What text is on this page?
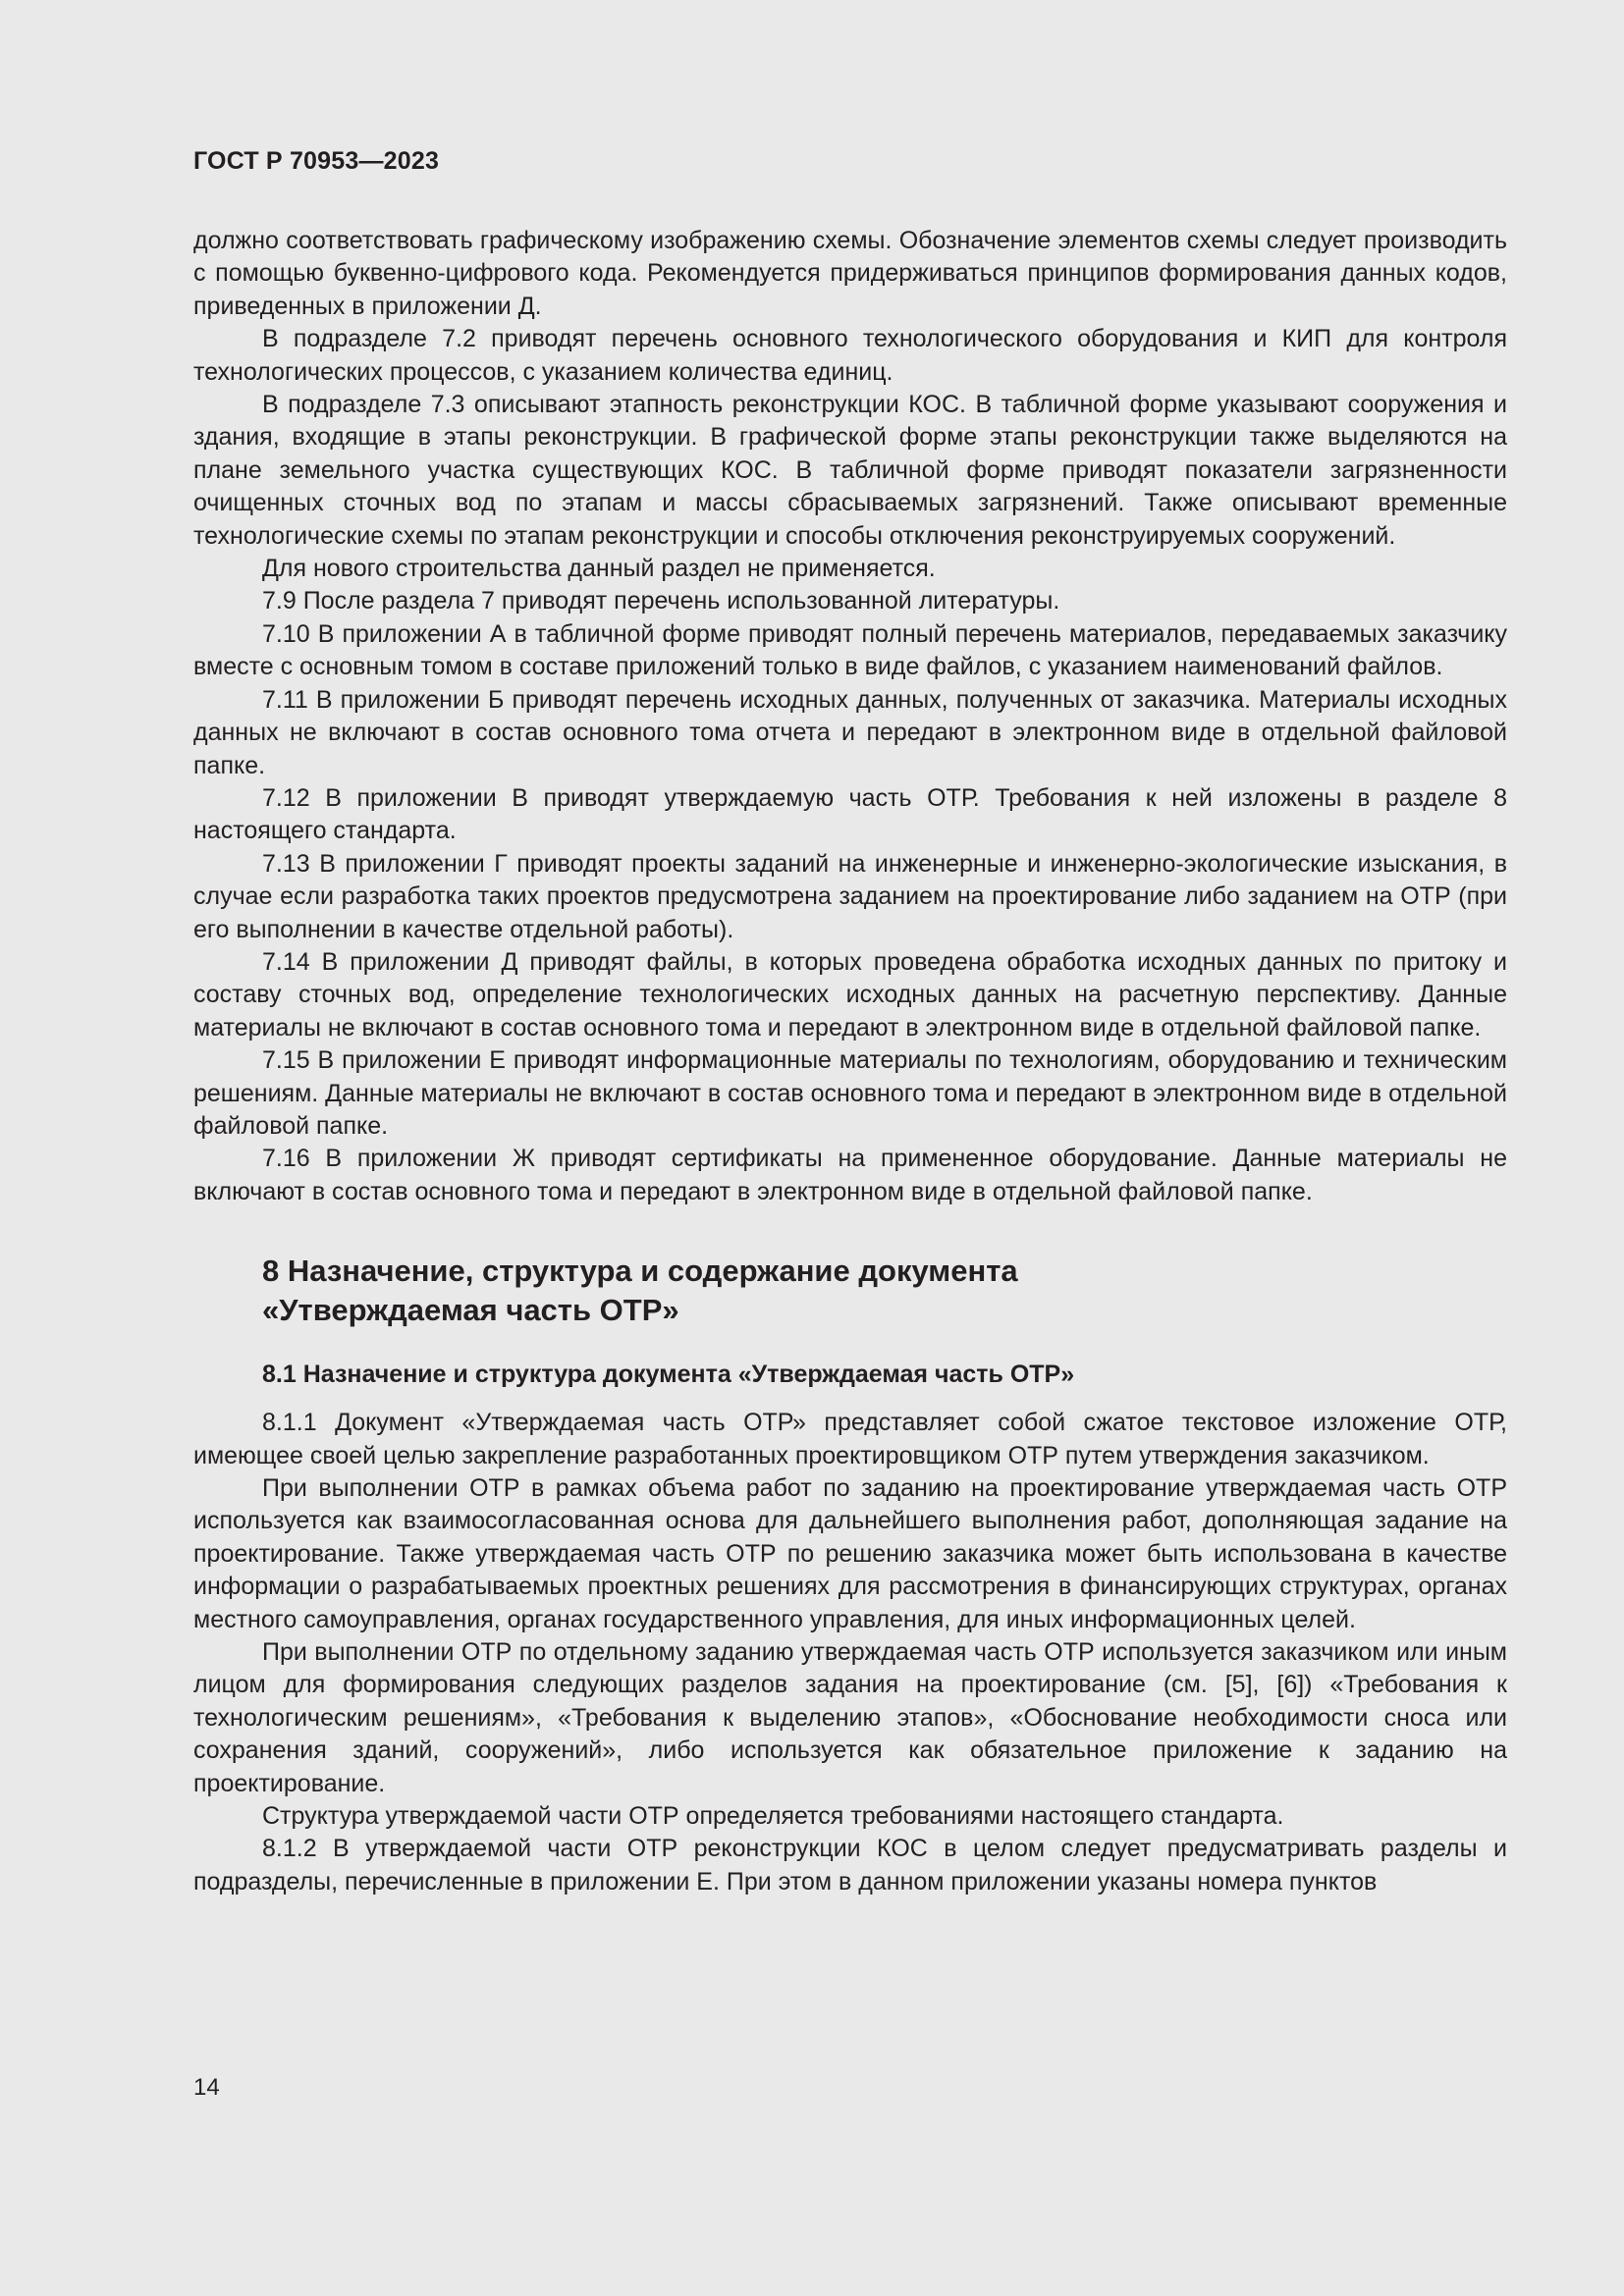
ГОСТ Р 70953—2023

должно соответствовать графическому изображению схемы. Обозначение элементов схемы следует производить с помощью буквенно-цифрового кода. Рекомендуется придерживаться принципов формирования данных кодов, приведенных в приложении Д.

В подразделе 7.2 приводят перечень основного технологического оборудования и КИП для контроля технологических процессов, с указанием количества единиц.

В подразделе 7.3 описывают этапность реконструкции КОС. В табличной форме указывают сооружения и здания, входящие в этапы реконструкции. В графической форме этапы реконструкции также выделяются на плане земельного участка существующих КОС. В табличной форме приводят показатели загрязненности очищенных сточных вод по этапам и массы сбрасываемых загрязнений. Также описывают временные технологические схемы по этапам реконструкции и способы отключения реконструируемых сооружений.

Для нового строительства данный раздел не применяется.

7.9 После раздела 7 приводят перечень использованной литературы.

7.10 В приложении А в табличной форме приводят полный перечень материалов, передаваемых заказчику вместе с основным томом в составе приложений только в виде файлов, с указанием наименований файлов.

7.11 В приложении Б приводят перечень исходных данных, полученных от заказчика. Материалы исходных данных не включают в состав основного тома отчета и передают в электронном виде в отдельной файловой папке.

7.12 В приложении В приводят утверждаемую часть ОТР. Требования к ней изложены в разделе 8 настоящего стандарта.

7.13 В приложении Г приводят проекты заданий на инженерные и инженерно-экологические изыскания, в случае если разработка таких проектов предусмотрена заданием на проектирование либо заданием на ОТР (при его выполнении в качестве отдельной работы).

7.14 В приложении Д приводят файлы, в которых проведена обработка исходных данных по притоку и составу сточных вод, определение технологических исходных данных на расчетную перспективу. Данные материалы не включают в состав основного тома и передают в электронном виде в отдельной файловой папке.

7.15 В приложении Е приводят информационные материалы по технологиям, оборудованию и техническим решениям. Данные материалы не включают в состав основного тома и передают в электронном виде в отдельной файловой папке.

7.16 В приложении Ж приводят сертификаты на примененное оборудование. Данные материалы не включают в состав основного тома и передают в электронном виде в отдельной файловой папке.

8 Назначение, структура и содержание документа
«Утверждаемая часть ОТР»
8.1 Назначение и структура документа «Утверждаемая часть ОТР»

8.1.1 Документ «Утверждаемая часть ОТР» представляет собой сжатое текстовое изложение ОТР, имеющее своей целью закрепление разработанных проектировщиком ОТР путем утверждения заказчиком.

При выполнении ОТР в рамках объема работ по заданию на проектирование утверждаемая часть ОТР используется как взаимосогласованная основа для дальнейшего выполнения работ, дополняющая задание на проектирование. Также утверждаемая часть ОТР по решению заказчика может быть использована в качестве информации о разрабатываемых проектных решениях для рассмотрения в финансирующих структурах, органах местного самоуправления, органах государственного управления, для иных информационных целей.

При выполнении ОТР по отдельному заданию утверждаемая часть ОТР используется заказчиком или иным лицом для формирования следующих разделов задания на проектирование (см. [5], [6]) «Требования к технологическим решениям», «Требования к выделению этапов», «Обоснование необходимости сноса или сохранения зданий, сооружений», либо используется как обязательное приложение к заданию на проектирование.

Структура утверждаемой части ОТР определяется требованиями настоящего стандарта.

8.1.2 В утверждаемой части ОТР реконструкции КОС в целом следует предусматривать разделы и подразделы, перечисленные в приложении Е. При этом в данном приложении указаны номера пунктов

14
